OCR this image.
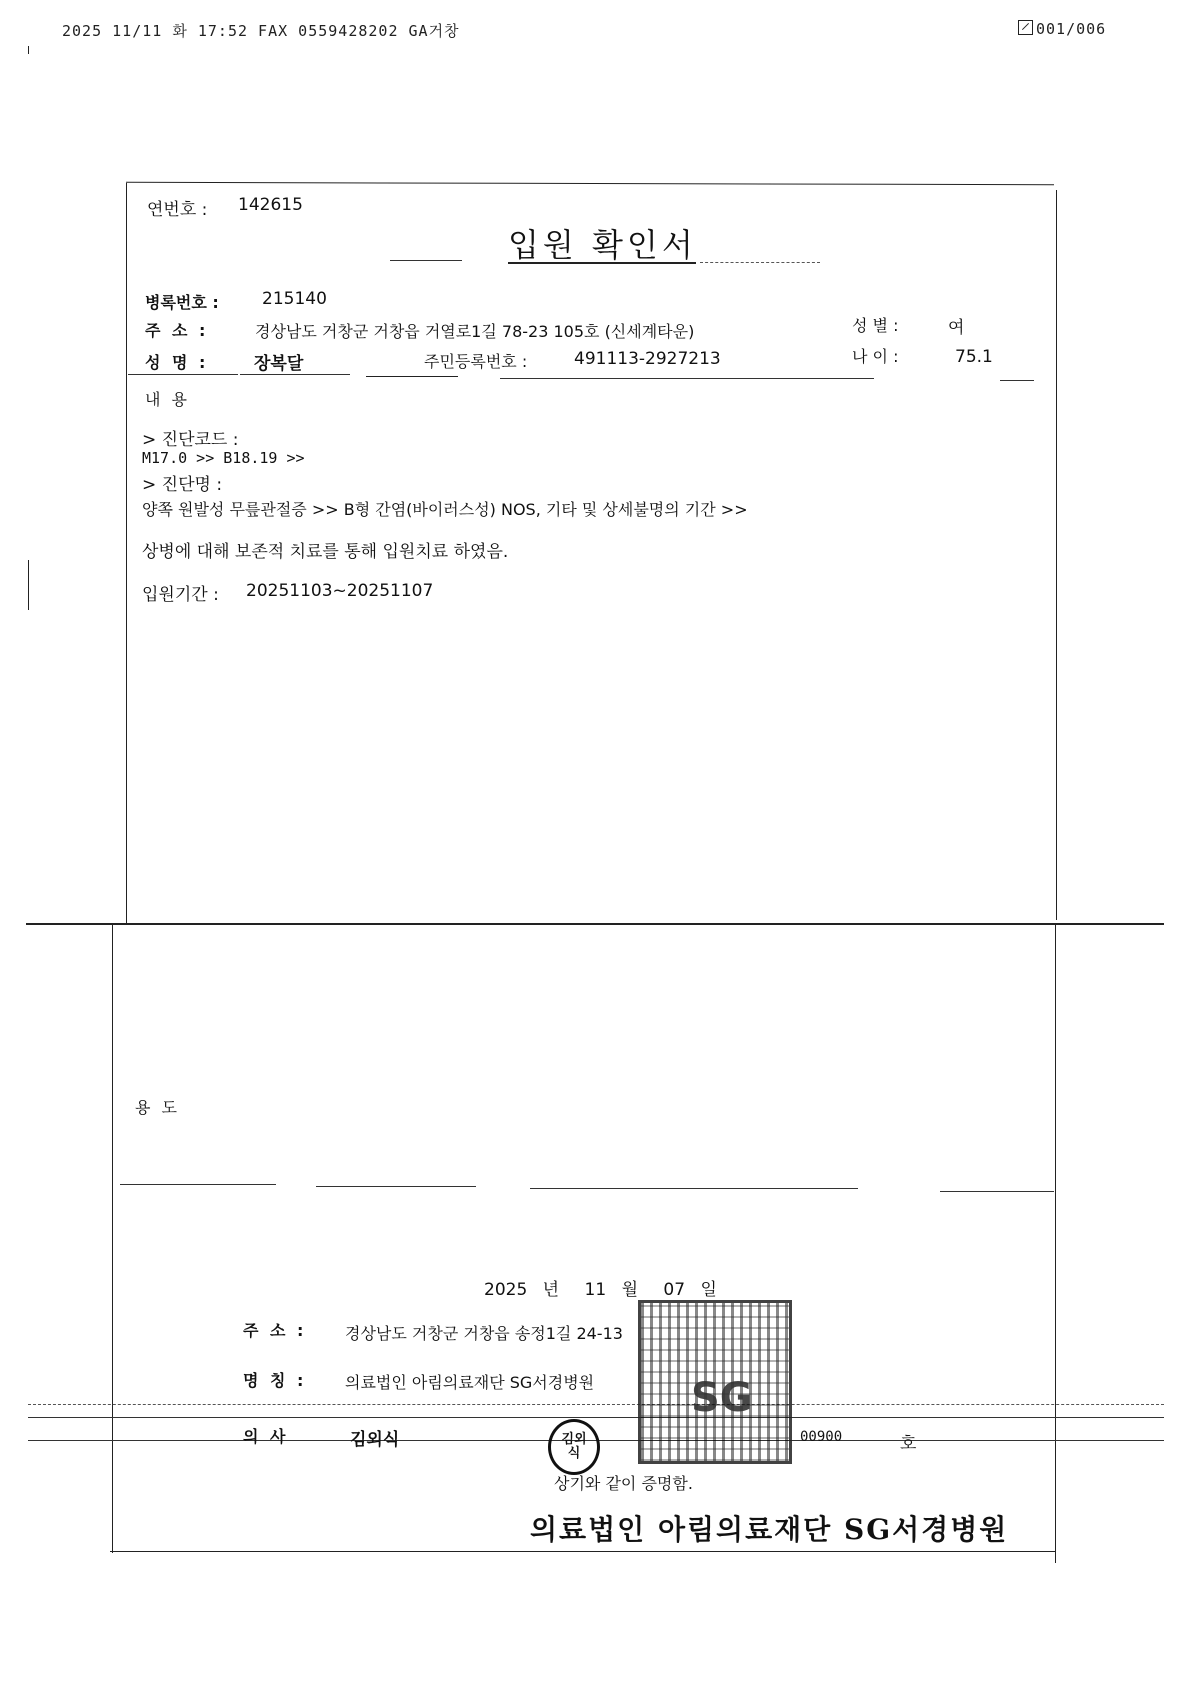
2025 11/11 화 17:52 FAX 0559428202 GA거창	001/006
연번호 : 142615
입원 확인서
병록번호 :	215140
주 소 :	경상남도 거창군 거창읍 거열로1길 78-23 105호 (신세계타운)	성 별 :	여
성 명 :	장복달	주민등록번호 :	491113-2927213	나 이 :	75.1
내 용
> 진단코드 :
M17.0 >> B18.19 >>
> 진단명 :
양쪽 원발성 무릎관절증 >> B형 간염(바이러스성) NOS, 기타 및 상세불명의 기간 >>
상병에 대해 보존적 치료를 통해 입원치료 하였음.
입원기간 : 20251103~20251107
용 도
2025 년 11 월 07 일
주 소 : 경상남도 거창군 거창읍 송정1길 24-13
명 칭 : 의료법인 아림의료재단 SG서경병원
의 사	김외식	00900	호
SG
김외식
상기와 같이 증명함.
의료법인 아림의료재단 SG서경병원
